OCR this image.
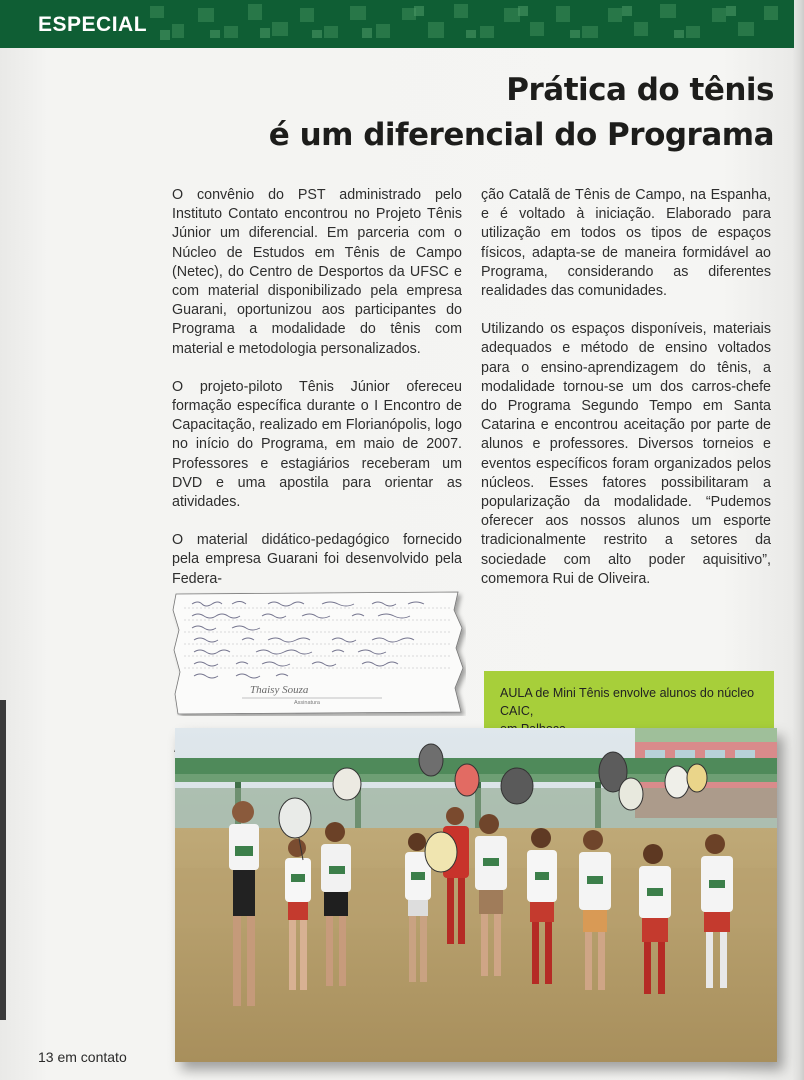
ESPECIAL
Prática do tênis
é um diferencial do Programa

O convênio do PST administrado pelo Instituto Contato encontrou no Projeto Tênis Júnior um diferencial. Em parceria com o Núcleo de Estudos em Tênis de Campo (Netec), do Centro de Desportos da UFSC e com material disponibilizado pela empresa Guarani, oportunizou aos participantes do Programa a modalidade do tênis com material e metodologia personalizados.

O projeto-piloto Tênis Júnior ofereceu formação específica durante o I Encontro de Capacitação, realizado em Florianópolis, logo no início do Programa, em maio de 2007. Professores e estagiários receberam um DVD e uma apostila para orientar as atividades.

O material didático-pedagógico fornecido pela empresa Guarani foi desenvolvido pela Federa-

ção Catalã de Tênis de Campo, na Espanha, e é voltado à iniciação. Elaborado para utilização em todos os tipos de espaços físicos, adapta-se de maneira formidável ao Programa, considerando as diferentes realidades das comunidades.

Utilizando os espaços disponíveis, materiais adequados e método de ensino voltados para o ensino-aprendizagem do tênis, a modalidade tornou-se um dos carros-chefe do Programa Segundo Tempo em Santa Catarina e encontrou aceitação por parte de alunos e professores. Diversos torneios e eventos específicos foram organizados pelos núcleos. Esses fatores possibilitaram a popularização da modalidade. “Pudemos oferecer aos nossos alunos um esporte tradicionalmente restrito a setores da sociedade com alto poder aquisitivo”, comemora Rui de Oliveira.

Thaisy Souza
Assinatura
AULA de Mini Tênis envolve alunos do núcleo CAIC,
13 em contato
